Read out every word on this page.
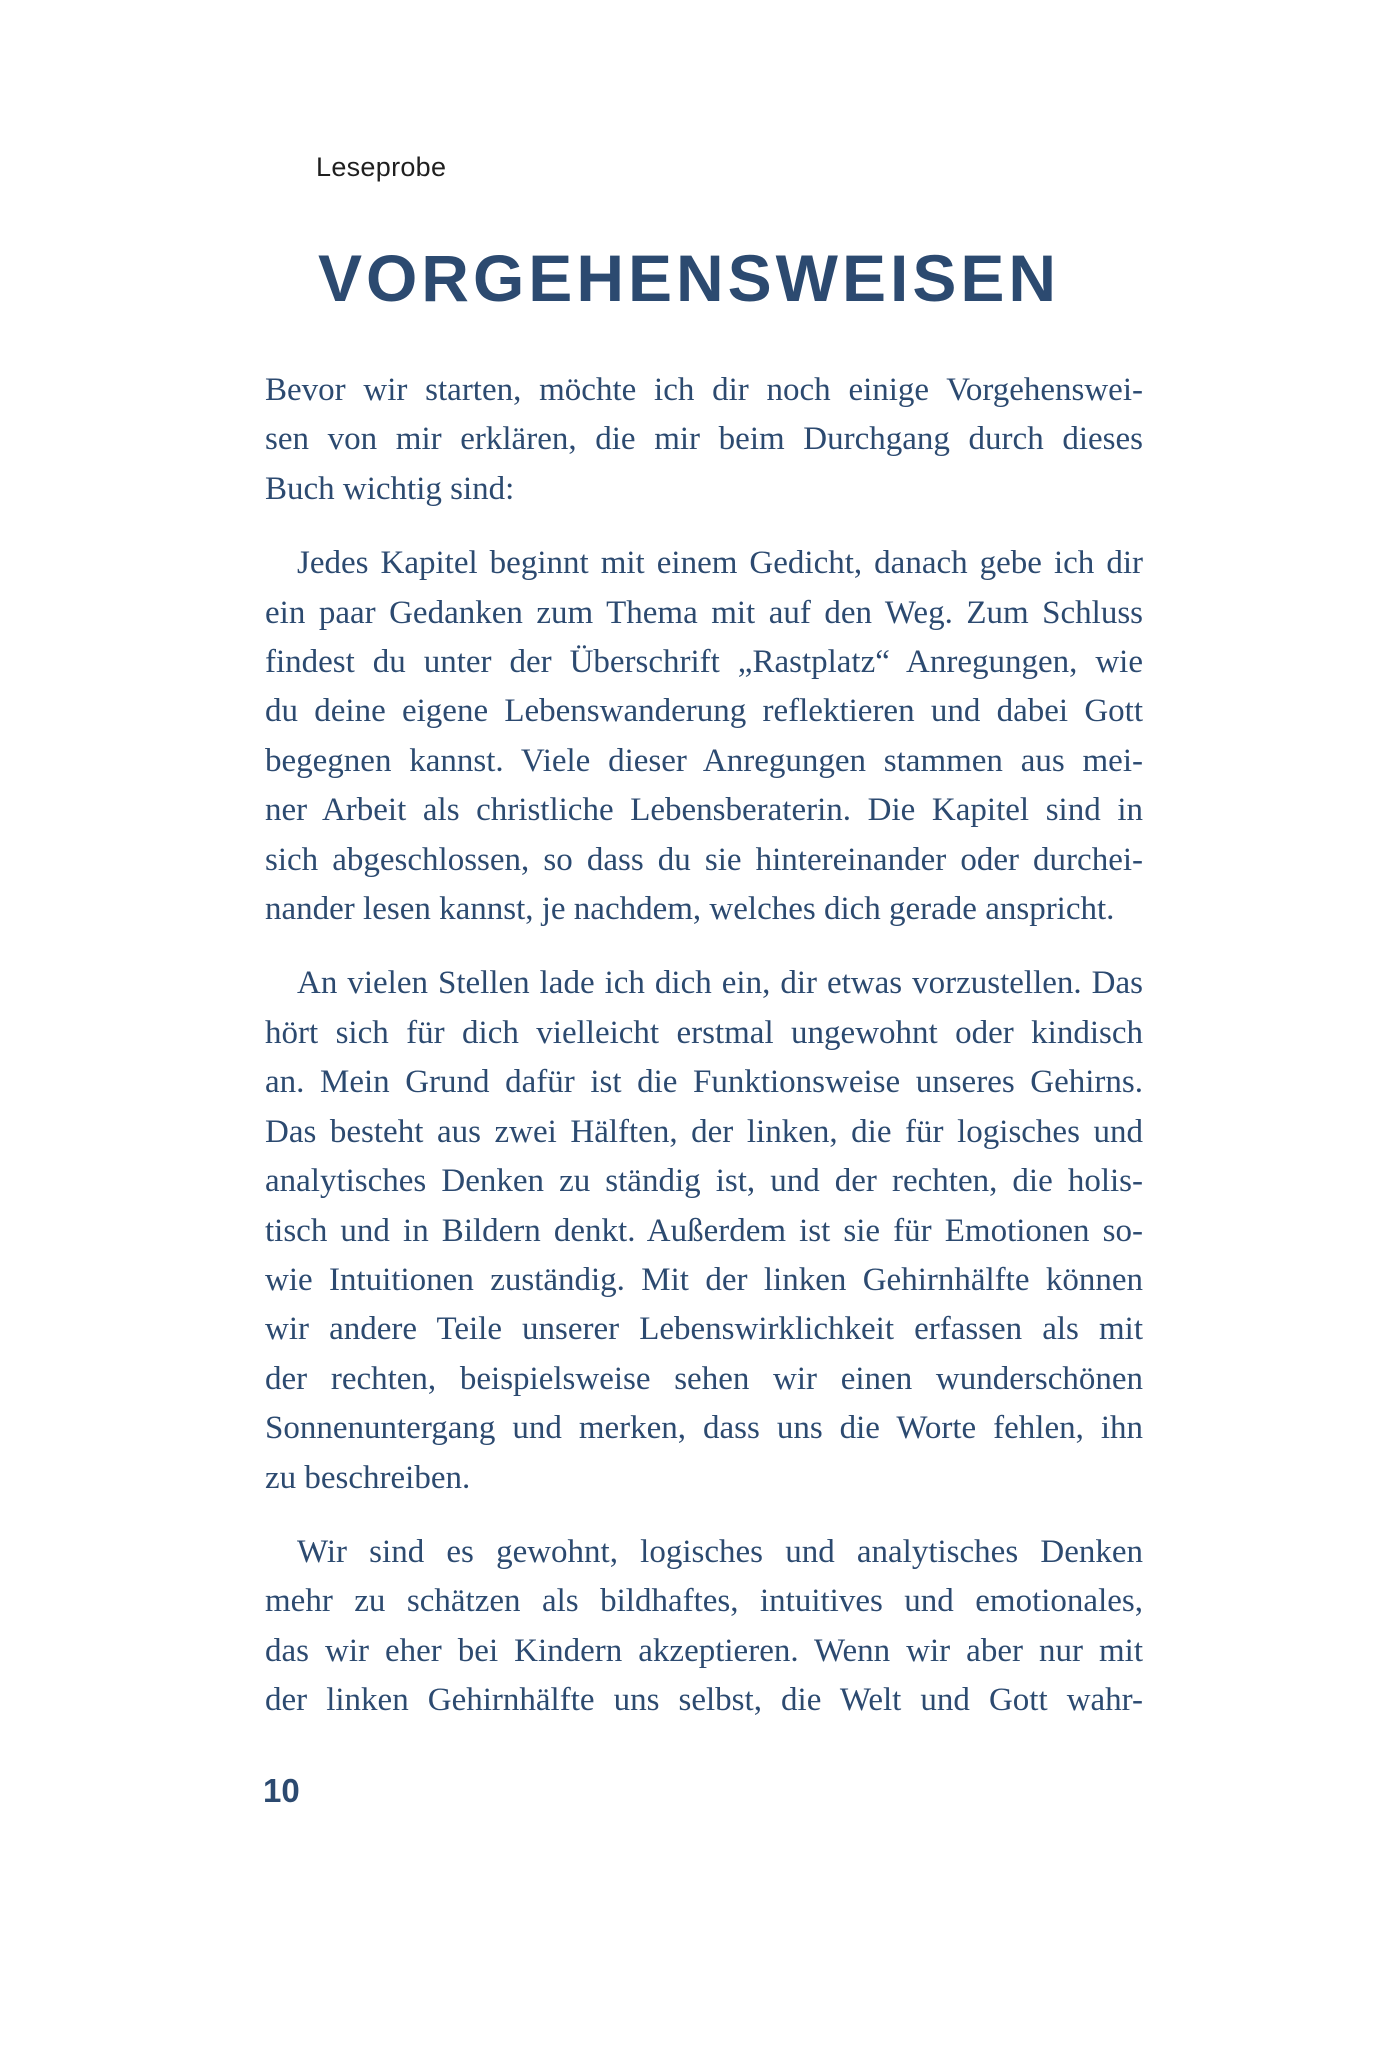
Leseprobe
VORGEHENSWEISEN

Bevor wir starten, möchte ich dir noch einige Vorgehenswei-
sen von mir erklären, die mir beim Durchgang durch dieses
Buch wichtig sind:

Jedes Kapitel beginnt mit einem Gedicht, danach gebe ich dir
ein paar Gedanken zum Thema mit auf den Weg. Zum Schluss
findest du unter der Überschrift „Rastplatz“ Anregungen, wie
du deine eigene Lebenswanderung reflektieren und dabei Gott
begegnen kannst. Viele dieser Anregungen stammen aus mei-
ner Arbeit als christliche Lebensberaterin. Die Kapitel sind in
sich abgeschlossen, so dass du sie hintereinander oder durchei-
nander lesen kannst, je nachdem, welches dich gerade anspricht.

An vielen Stellen lade ich dich ein, dir etwas vorzustellen. Das
hört sich für dich vielleicht erstmal ungewohnt oder kindisch
an. Mein Grund dafür ist die Funktionsweise unseres Gehirns.
Das besteht aus zwei Hälften, der linken, die für logisches und
analytisches Denken zu ständig ist, und der rechten, die holis-
tisch und in Bildern denkt. Außerdem ist sie für Emotionen so-
wie Intuitionen zuständig. Mit der linken Gehirnhälfte können
wir andere Teile unserer Lebenswirklichkeit erfassen als mit
der rechten, beispielsweise sehen wir einen wunderschönen
Sonnenuntergang und merken, dass uns die Worte fehlen, ihn
zu beschreiben.

Wir sind es gewohnt, logisches und analytisches Denken
mehr zu schätzen als bildhaftes, intuitives und emotionales,
das wir eher bei Kindern akzeptieren. Wenn wir aber nur mit
der linken Gehirnhälfte uns selbst, die Welt und Gott wahr-

10
